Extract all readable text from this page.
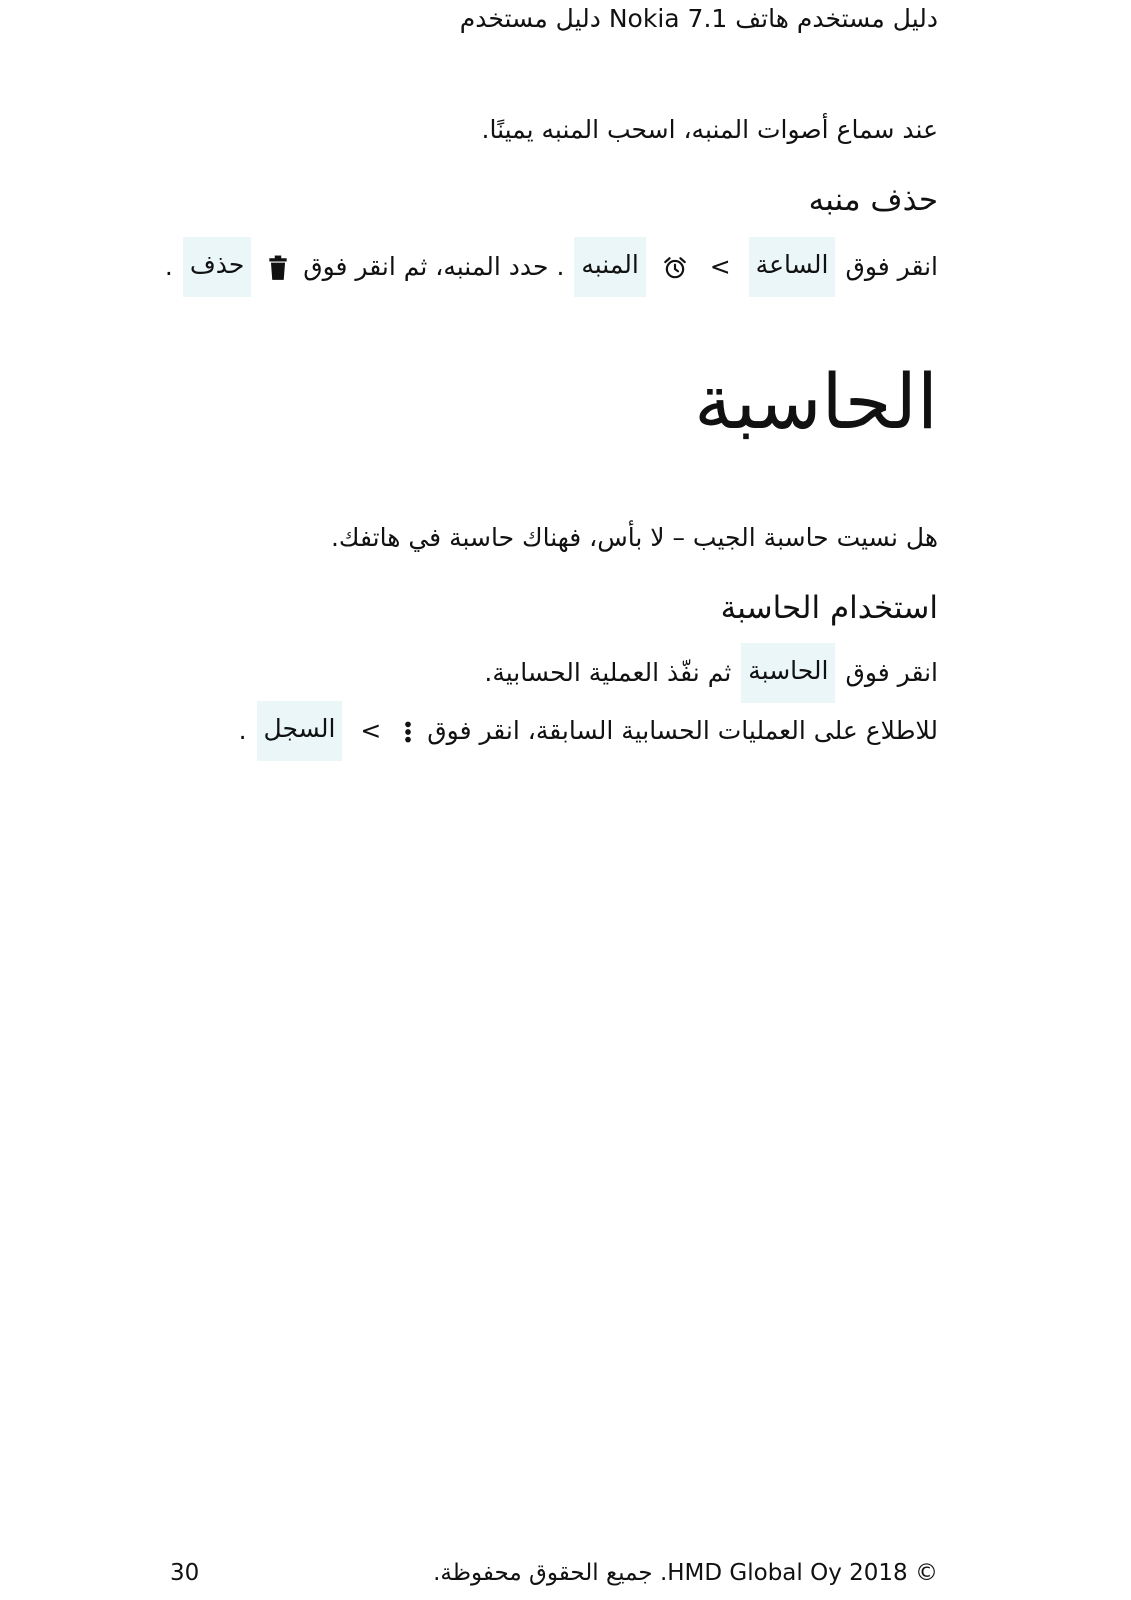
دليل مستخدم هاتف Nokia 7.1 دليل مستخدم
عند سماع أصوات المنبه، اسحب المنبه يمينًا.
حذف منبه
انقر فوق الساعة >  المنبه . حدد المنبه، ثم انقر فوق  حذف .
الحاسبة
هل نسيت حاسبة الجيب – لا بأس، فهناك حاسبة في هاتفك.
استخدام الحاسبة
انقر فوق الحاسبة ثم نفّذ العملية الحسابية.
للاطلاع على العمليات الحسابية السابقة، انقر فوق  > السجل .
© 2018 HMD Global Oy. جميع الحقوق محفوظة.
30
